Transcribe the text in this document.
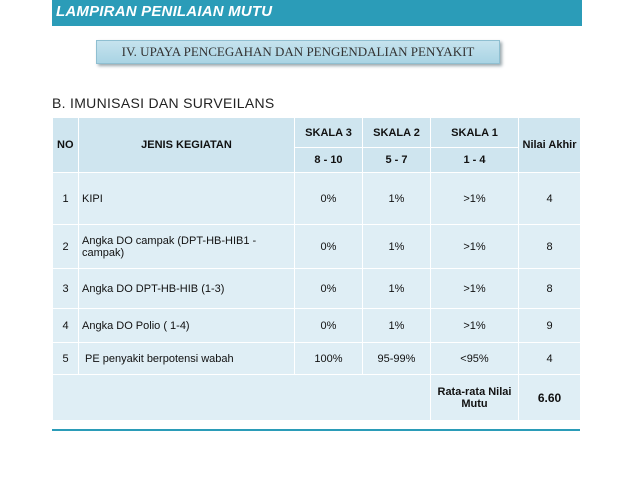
LAMPIRAN PENILAIAN MUTU
IV. UPAYA PENCEGAHAN DAN PENGENDALIAN PENYAKIT
B. IMUNISASI DAN SURVEILANS
NO	JENIS KEGIATAN	SKALA 3	SKALA 2	SKALA 1	Nilai Akhir
		8 - 10	5 - 7	1 - 4	
1	KIPI	0%	1%	>1%	4
2	Angka DO campak (DPT-HB-HIB1 - campak)	0%	1%	>1%	8
3	Angka DO DPT-HB-HIB (1-3)	0%	1%	>1%	8
4	Angka DO Polio ( 1-4)	0%	1%	>1%	9
5	PE penyakit berpotensi wabah	100%	95-99%	<95%	4
				Rata-rata Nilai Mutu	6.60
